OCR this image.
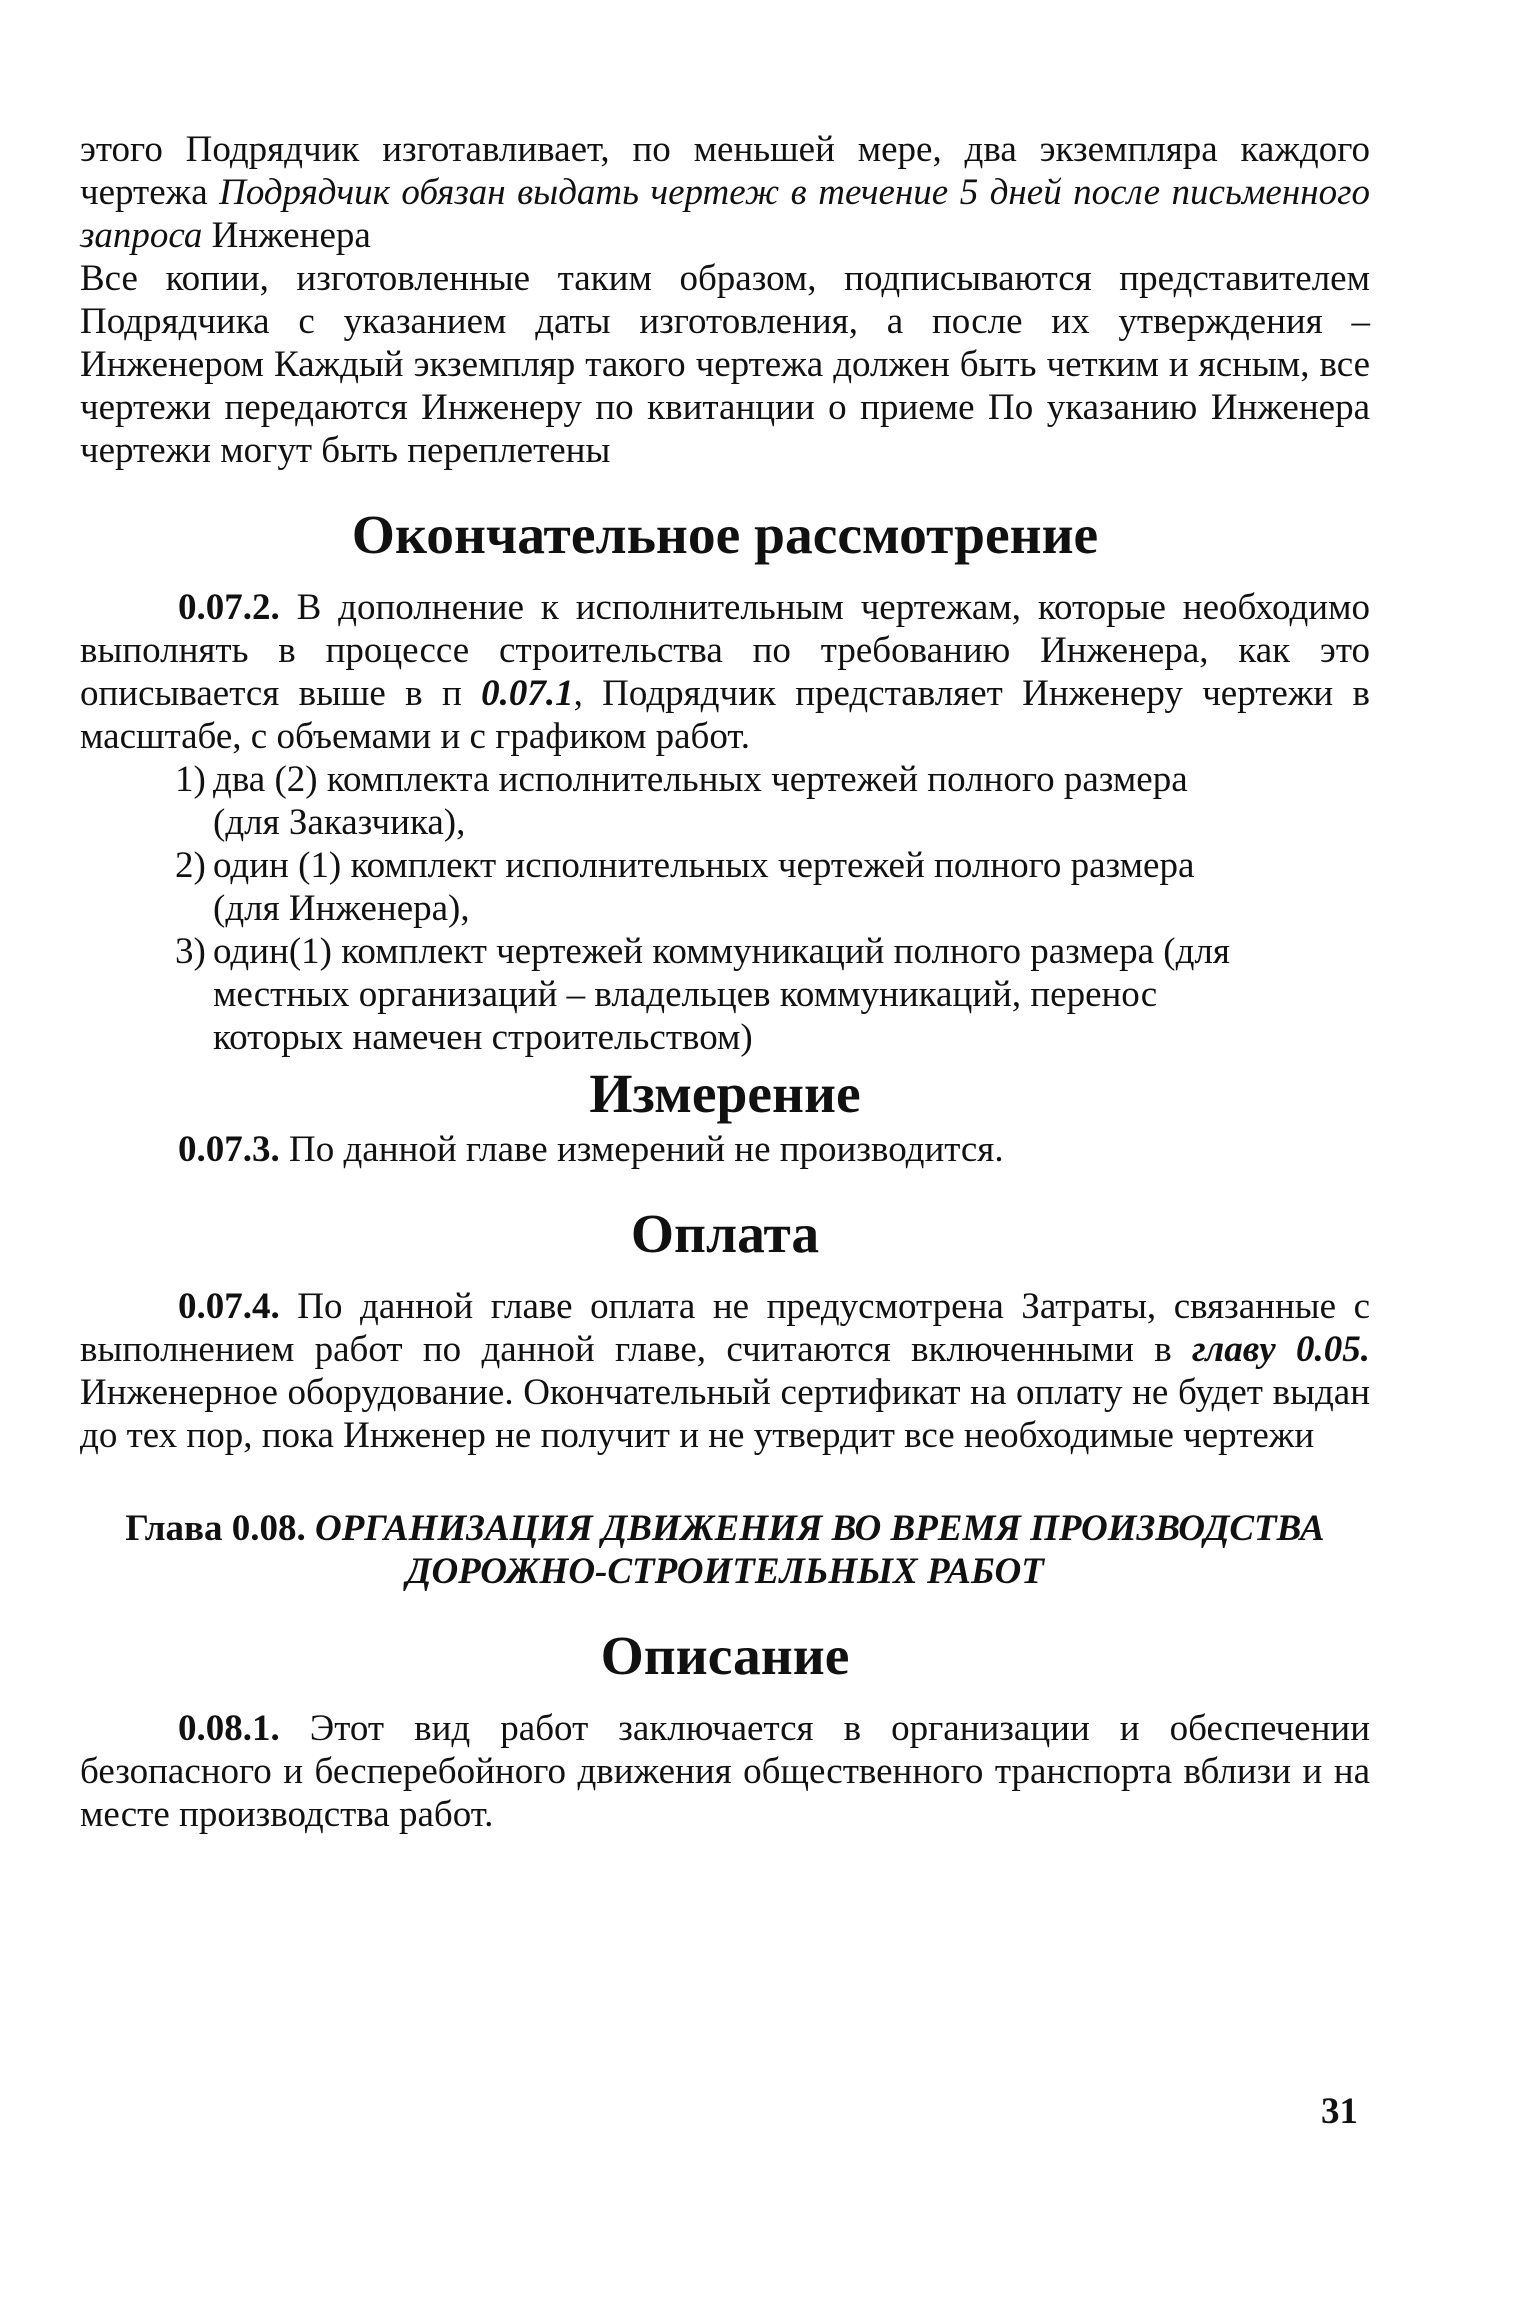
этого Подрядчик изготавливает, по меньшей мере, два экземпляра каждого чертежа Подрядчик обязан выдать чертеж в течение 5 дней после письменного запроса Инженера

Все копии, изготовленные таким образом, подписываются представителем Подрядчика с указанием даты изготовления, а после их утверждения – Инженером Каждый экземпляр такого чертежа должен быть четким и ясным, все чертежи передаются Инженеру по квитанции о приеме По указанию Инженера чертежи могут быть переплетены

Окончательное рассмотрение

0.07.2. В дополнение к исполнительным чертежам, которые необходимо выполнять в процессе строительства по требованию Инженера, как это описывается выше в п 0.07.1, Подрядчик представляет Инженеру чертежи в масштабе, с объемами и с графиком работ.

1) два (2) комплекта исполнительных чертежей полного размера (для Заказчика),
2) один (1) комплект исполнительных чертежей полного размера (для Инженера),
3) один(1) комплект чертежей коммуникаций полного размера (для местных организаций – владельцев коммуникаций, перенос которых намечен строительством)
Измерение

0.07.3. По данной главе измерений не производится.

Оплата

0.07.4. По данной главе оплата не предусмотрена Затраты, связанные с выполнением работ по данной главе, считаются включенными в главу 0.05. Инженерное оборудование. Окончательный сертификат на оплату не будет выдан до тех пор, пока Инженер не получит и не утвердит все необходимые чертежи

Глава 0.08. ОРГАНИЗАЦИЯ ДВИЖЕНИЯ ВО ВРЕМЯ ПРОИЗВОДСТВА
ДОРОЖНО-СТРОИТЕЛЬНЫХ РАБОТ
Описание

0.08.1. Этот вид работ заключается в организации и обеспечении безопасного и бесперебойного движения общественного транспорта вблизи и на месте производства работ.

31
